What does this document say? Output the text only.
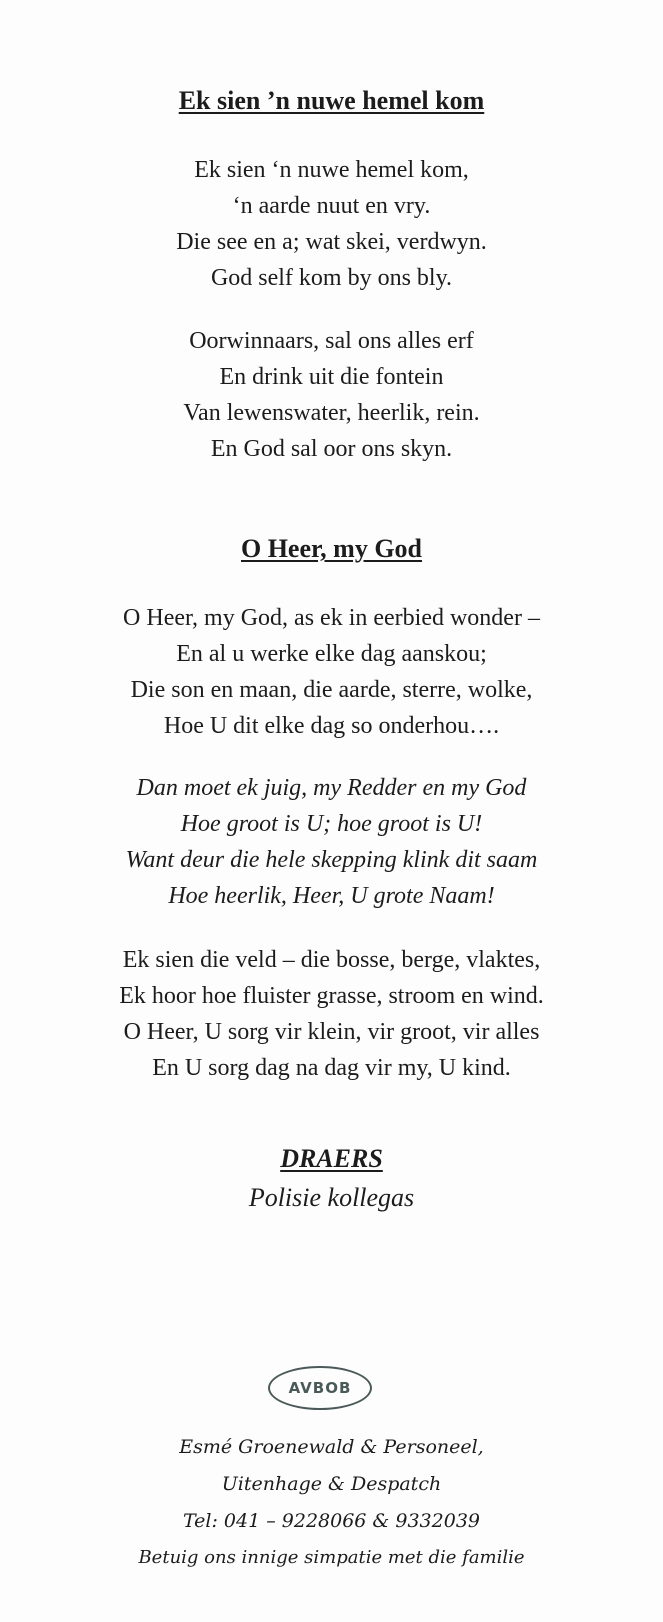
Ek sien ’n nuwe hemel kom
Ek sien ‘n nuwe hemel kom,
‘n aarde nuut en vry.
Die see en a; wat skei, verdwyn.
God self kom by ons bly.
Oorwinnaars, sal ons alles erf
En drink uit die fontein
Van lewenswater, heerlik, rein.
En God sal oor ons skyn.
O Heer, my God
O Heer, my God, as ek in eerbied wonder –
En al u werke elke dag aanskou;
Die son en maan, die aarde, sterre, wolke,
Hoe U dit elke dag so onderhou….
Dan moet ek juig, my Redder en my God
Hoe groot is U; hoe groot is U!
Want deur die hele skepping klink dit saam
Hoe heerlik, Heer, U grote Naam!
Ek sien die veld – die bosse, berge, vlaktes,
Ek hoor hoe fluister grasse, stroom en wind.
O Heer, U sorg vir klein, vir groot, vir alles
En U sorg dag na dag vir my, U kind.
DRAERS
Polisie kollegas
AVBOB
Esmé Groenewald & Personeel,
Uitenhage & Despatch
Tel: 041 – 9228066 & 9332039
Betuig ons innige simpatie met die familie
